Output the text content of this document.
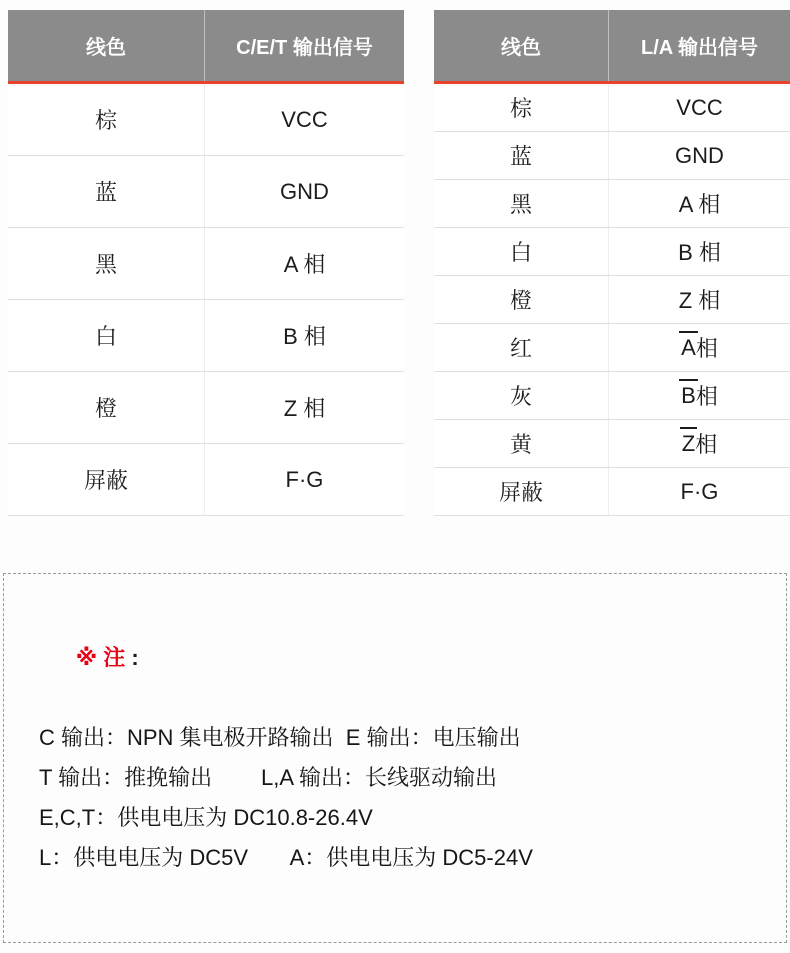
线色	C/E/T 输出信号
棕	VCC
蓝	GND
黑	A 相
白	B 相
橙	Z 相
屏蔽	F·G
线色	L/A 输出信号
棕	VCC
蓝	GND
黑	A 相
白	B 相
橙	Z 相
红	A 相
灰	B 相
黄	Z 相
屏蔽	F·G

※ 注 :

C 输出：NPN 集电极开路输出  E 输出：电压输出
T 输出：推挽输出        L,A 输出：长线驱动输出
E,C,T：供电电压为 DC10.8-26.4V
L：供电电压为 DC5V       A：供电电压为 DC5-24V
